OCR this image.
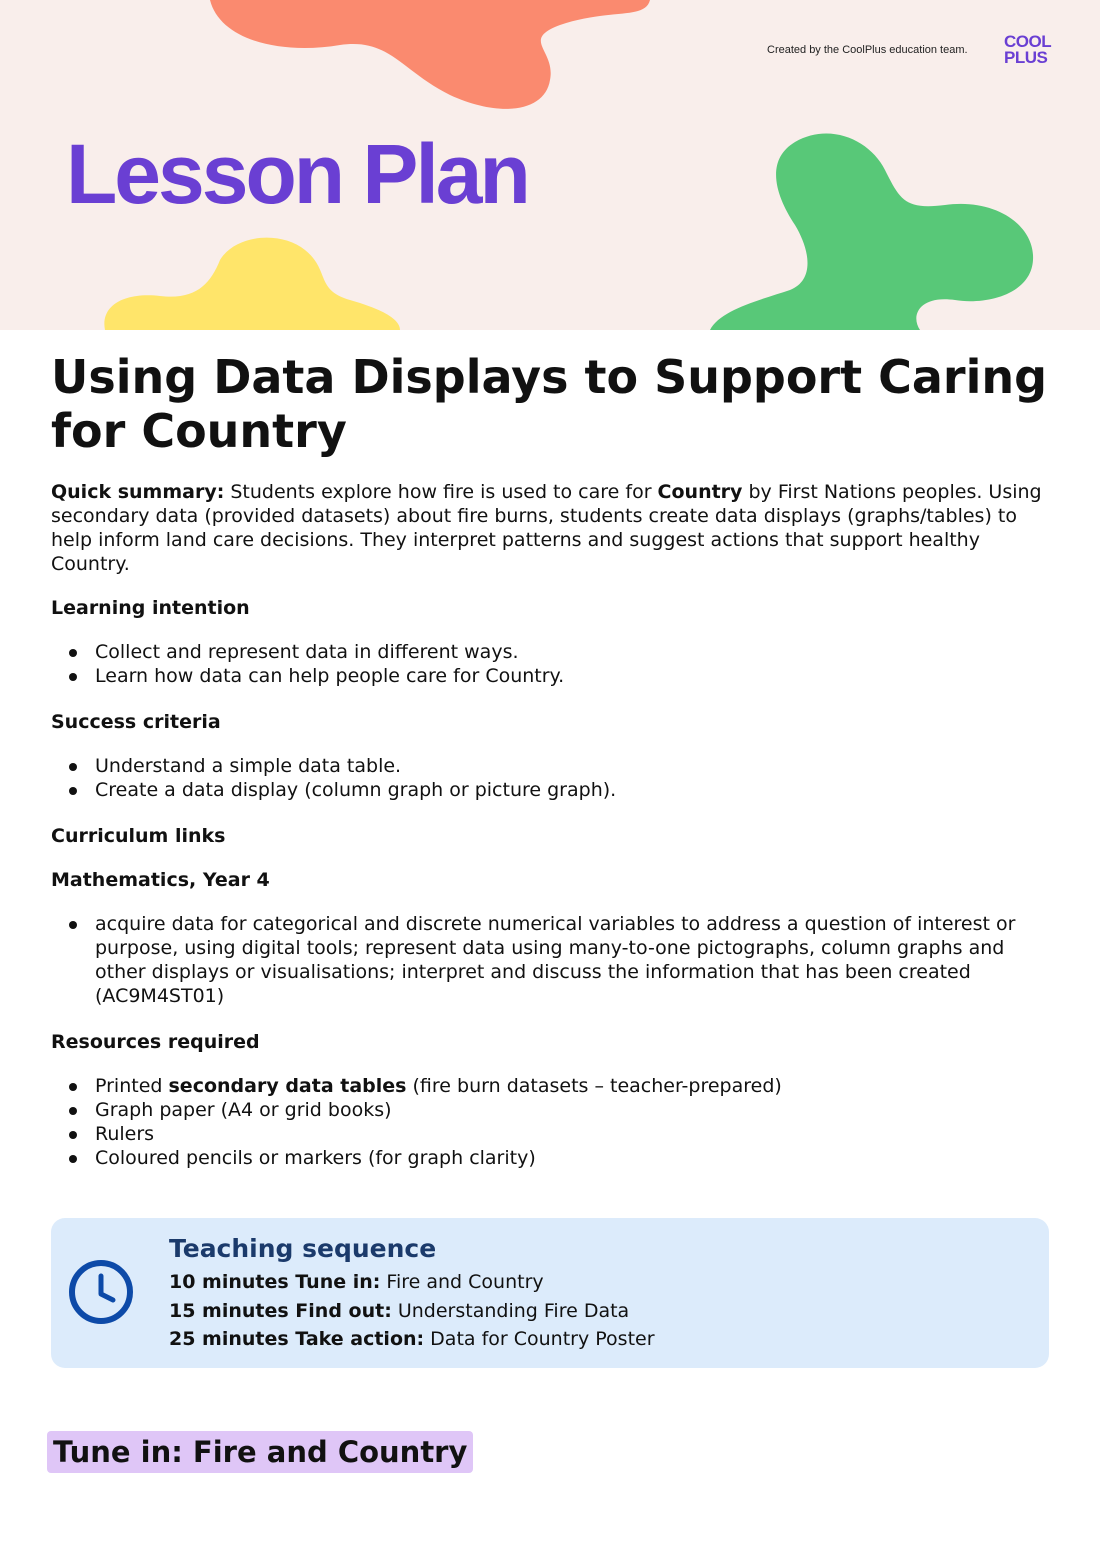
Created by the CoolPlus education team. COOL
PLUS
Lesson Plan
Using Data Displays to Support Caring for Country

Quick summary: Students explore how fire is used to care for Country by First Nations peoples. Using secondary data (provided datasets) about fire burns, students create data displays (graphs/tables) to help inform land care decisions. They interpret patterns and suggest actions that support healthy Country.

Learning intention
Collect and represent data in different ways.
Learn how data can help people care for Country.
Success criteria
Understand a simple data table.
Create a data display (column graph or picture graph).
Curriculum links
Mathematics, Year 4
acquire data for categorical and discrete numerical variables to address a question of interest or purpose, using digital tools; represent data using many-to-one pictographs, column graphs and other displays or visualisations; interpret and discuss the information that has been created (AC9M4ST01)
Resources required
Printed secondary data tables (fire burn datasets – teacher-prepared)
Graph paper (A4 or grid books)
Rulers
Coloured pencils or markers (for graph clarity)
Teaching sequence
10 minutes Tune in: Fire and Country
15 minutes Find out: Understanding Fire Data
25 minutes Take action: Data for Country Poster
Tune in: Fire and Country
